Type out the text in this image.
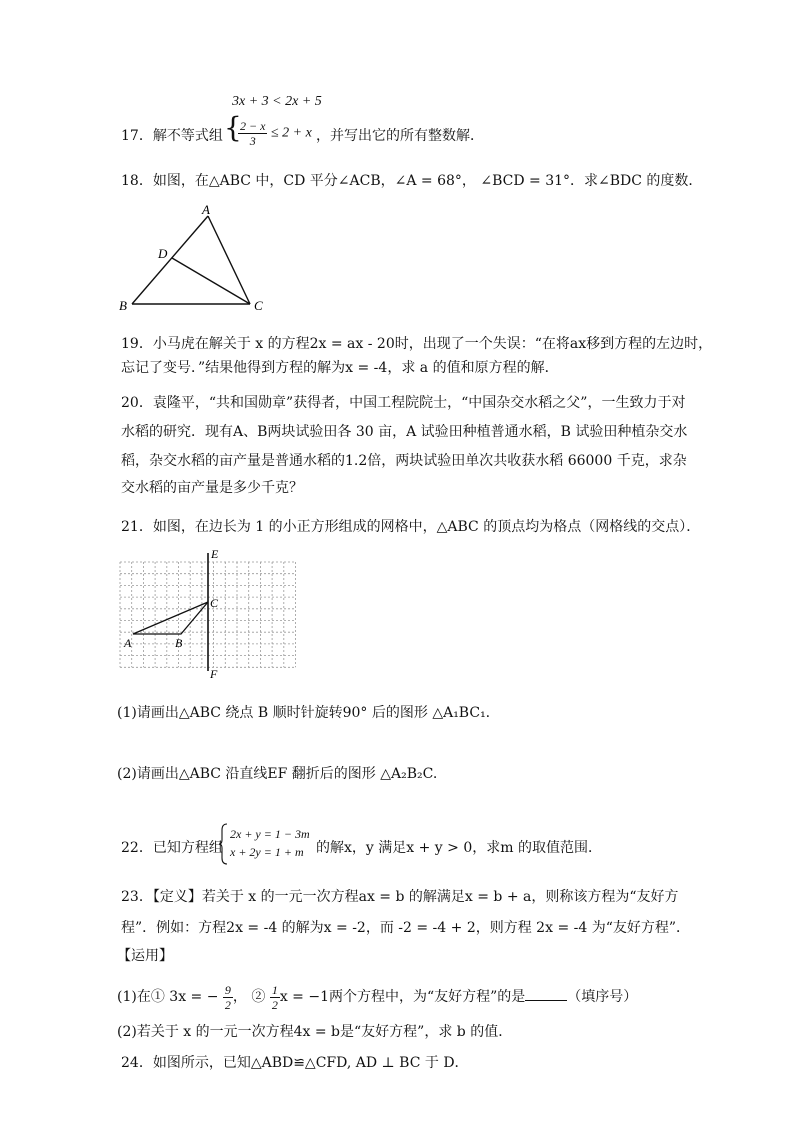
3x + 3 < 2x + 5
17．解不等式组 {
$\frac{2 - x}{3} \le 2 + x$ ，并写出它的所有整数解．
18．如图，在△ABC 中，CD 平分∠ACB，∠A = 68°， ∠BCD = 31°．求∠BDC 的度数．
A
D
B	C
19．小马虎在解关于 x 的方程2x = ax - 20时，出现了一个失误：“在将ax移到方程的左边时，
忘记了变号．”结果他得到方程的解为x = -4，求 a 的值和原方程的解．
20．袁隆平，“共和国勋章”获得者，中国工程院院士，“中国杂交水稻之父”，一生致力于对
水稻的研究．现有A、B两块试验田各 30 亩，A 试验田种植普通水稻，B 试验田种植杂交水
稻，杂交水稻的亩产量是普通水稻的1.2倍，两块试验田单次共收获水稻 66000 千克，求杂
交水稻的亩产量是多少千克？
21．如图，在边长为 1 的小正方形组成的网格中，△ABC 的顶点均为格点（网格线的交点）．
E
C
A	B
F
(1)请画出△ABC 绕点 B 顺时针旋转90° 后的图形 △A₁BC₁.
(2)请画出△ABC 沿直线EF 翻折后的图形 △A₂B₂C.
22．已知方程组
2x + y = 1 − 3m
x + 2y = 1 + m 的解x，y 满足x + y > 0，求m 的取值范围．
23．【定义】若关于 x 的一元一次方程ax = b 的解满足x = b + a，则称该方程为“友好方
程”．例如：方程2x = -4 的解为x = -2，而 -2 = -4 + 2，则方程 2x = -4 为“友好方程”．
【运用】
(1)在① 3x = − $\frac{9}{2}$ ， ② $\frac{1}{2}$ x = −1两个方程中，为“友好方程”的是	（填序号）
(2)若关于 x 的一元一次方程4x = b是“友好方程”，求 b 的值．
24．如图所示，已知△ABD≌△CFD, AD ⊥ BC 于 D．
